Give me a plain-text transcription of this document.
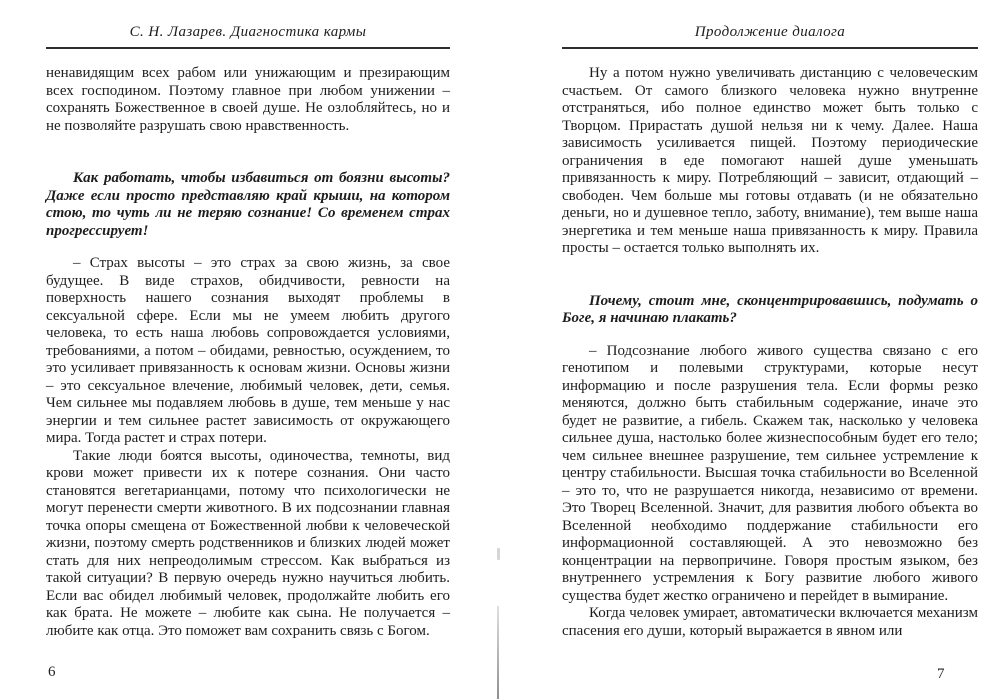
С. Н. Лазарев. Диагностика кармы

ненавидящим всех рабом или унижающим и презирающим всех господином. Поэтому главное при любом унижении – сохранять Божественное в своей душе. Не озлобляйтесь, но и не позволяйте разрушать свою нравственность.

Как работать, чтобы избавиться от боязни высоты? Даже если просто представляю край крыши, на котором стою, то чуть ли не теряю сознание! Со временем страх прогрессирует!

– Страх высоты – это страх за свою жизнь, за свое будущее. В виде страхов, обидчивости, ревности на поверхность нашего сознания выходят проблемы в сексуальной сфере. Если мы не умеем любить другого человека, то есть наша любовь сопровождается условиями, требованиями, а потом – обидами, ревностью, осуждением, то это усиливает привязанность к основам жизни. Основы жизни – это сексуальное влечение, любимый человек, дети, семья. Чем сильнее мы подавляем любовь в душе, тем меньше у нас энергии и тем сильнее растет зависимость от окружающего мира. Тогда растет и страх потери.

Такие люди боятся высоты, одиночества, темноты, вид крови может привести их к потере сознания. Они часто становятся вегетарианцами, потому что психологически не могут перенести смерти животного. В их подсознании главная точка опоры смещена от Божественной любви к человеческой жизни, поэтому смерть родственников и близких людей может стать для них непреодолимым стрессом. Как выбраться из такой ситуации? В первую очередь нужно научиться любить. Если вас обидел любимый человек, продолжайте любить его как брата. Не можете – любите как сына. Не получается – любите как отца. Это поможет вам сохранить связь с Богом.

Продолжение диалога

Ну а потом нужно увеличивать дистанцию с человеческим счастьем. От самого близкого человека нужно внутренне отстраняться, ибо полное единство может быть только с Творцом. Прирастать душой нельзя ни к чему. Далее. Наша зависимость усиливается пищей. Поэтому периодические ограничения в еде помогают нашей душе уменьшать привязанность к миру. Потребляющий – зависит, отдающий – свободен. Чем больше мы готовы отдавать (и не обязательно деньги, но и душевное тепло, заботу, внимание), тем выше наша энергетика и тем меньше наша привязанность к миру. Правила просты – остается только выполнять их.

Почему, стоит мне, сконцентрировавшись, подумать о Боге, я начинаю плакать?

– Подсознание любого живого существа связано с его генотипом и полевыми структурами, которые несут информацию и после разрушения тела. Если формы резко меняются, должно быть стабильным содержание, иначе это будет не развитие, а гибель. Скажем так, насколько у человека сильнее душа, настолько более жизнеспособным будет его тело; чем сильнее внешнее разрушение, тем сильнее устремление к центру стабильности. Высшая точка стабильности во Вселенной – это то, что не разрушается никогда, независимо от времени. Это Творец Вселенной. Значит, для развития любого объекта во Вселенной необходимо поддержание стабильности его информационной составляющей. А это невозможно без концентрации на первопричине. Говоря простым языком, без внутреннего устремления к Богу развитие любого живого существа будет жестко ограничено и перейдет в вымирание.

Когда человек умирает, автоматически включается механизм спасения его души, который выражается в явном или

6	7
